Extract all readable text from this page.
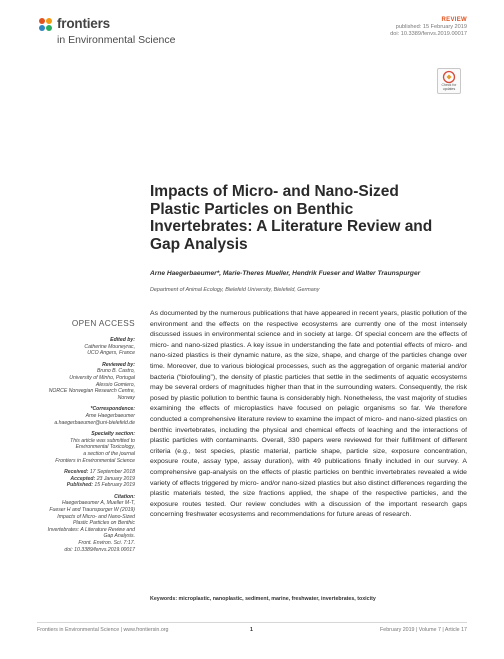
frontiers
in Environmental Science
REVIEW
published: 15 February 2019
doi: 10.3389/fenvs.2019.00017
Check for
updates
Impacts of Micro- and Nano-Sized Plastic Particles on Benthic Invertebrates: A Literature Review and Gap Analysis
Arne Haegerbaeumer*, Marie-Theres Mueller, Hendrik Fueser and Walter Traunspurger
Department of Animal Ecology, Bielefeld University, Bielefeld, Germany
OPEN ACCESS
Edited by:
Catherine Mouneyrac,
UCO Angers, France
Reviewed by:
Bruno B. Castro,
University of Minho, Portugal
Alessio Gomiero,
NORCE Norwegian Research Centre,
Norway
*Correspondence:
Arne Haegerbaeumer
a.haegerbaeumer@uni-bielefeld.de
Specialty section:
This article was submitted to
Environmental Toxicology,
a section of the journal
Frontiers in Environmental Science
Received: 17 September 2018
Accepted: 23 January 2019
Published: 15 February 2019
Citation:
Haegerbaeumer A, Mueller M-T,
Fueser H and Traunspurger W (2019)
Impacts of Micro- and Nano-Sized
Plastic Particles on Benthic
Invertebrates: A Literature Review and
Gap Analysis.
Front. Environ. Sci. 7:17.
doi: 10.3389/fenvs.2019.00017
As documented by the numerous publications that have appeared in recent years, plastic pollution of the environment and the effects on the respective ecosystems are currently one of the most intensely discussed issues in environmental science and in society at large. Of special concern are the effects of micro- and nano-sized plastics. A key issue in understanding the fate and potential effects of micro- and nano-sized plastics is their dynamic nature, as the size, shape, and charge of the particles change over time. Moreover, due to various biological processes, such as the aggregation of organic material and/or bacteria (“biofouling”), the density of plastic particles that settle in the sediments of aquatic ecosystems may be several orders of magnitudes higher than that in the surrounding waters. Consequently, the risk posed by plastic pollution to benthic fauna is considerably high. Nonetheless, the vast majority of studies examining the effects of microplastics have focused on pelagic organisms so far. We therefore conducted a comprehensive literature review to examine the impact of micro- and nano-sized plastics on benthic invertebrates, including the physical and chemical effects of leaching and the interactions of plastic particles with contaminants. Overall, 330 papers were reviewed for their fulfillment of different criteria (e.g., test species, plastic material, particle shape, particle size, exposure concentration, exposure route, assay type, assay duration), with 49 publications finally included in our survey. A comprehensive gap-analysis on the effects of plastic particles on benthic invertebrates revealed a wide variety of effects triggered by micro- and/or nano-sized plastics but also distinct differences regarding the plastic materials tested, the size fractions applied, the shape of the respective particles, and the exposure routes tested. Our review concludes with a discussion of the important research gaps concerning freshwater ecosystems and recommendations for future areas of research.
Keywords: microplastic, nanoplastic, sediment, marine, freshwater, invertebrates, toxicity
Frontiers in Environmental Science | www.frontiersin.org	1	February 2019 | Volume 7 | Article 17
